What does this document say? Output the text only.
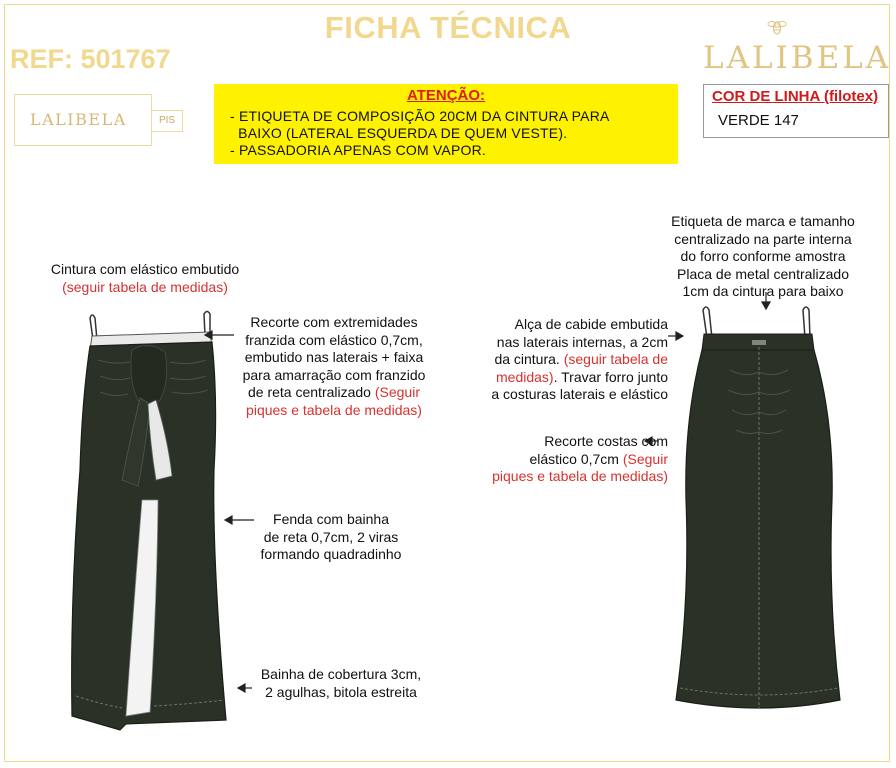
FICHA TÉCNICA
REF: 501767	LALIBELA
LALIBELA	PIS
ATENÇÃO:
- ETIQUETA DE COMPOSIÇÃO 20CM DA CINTURA PARA
BAIXO (LATERAL ESQUERDA DE QUEM VESTE).
- PASSADORIA APENAS COM VAPOR.
COR DE LINHA (filotex)
VERDE 147
Cintura com elástico embutido
(seguir tabela de medidas)
Recorte com extremidades
franzida com elástico 0,7cm,
embutido nas laterais + faixa
para amarração com franzido
de reta centralizado (Seguir
piques e tabela de medidas)
Fenda com bainha
de reta 0,7cm, 2 viras
formando quadradinho
Bainha de cobertura 3cm,
2 agulhas, bitola estreita
Etiqueta de marca e tamanho
centralizado na parte interna
do forro conforme amostra
Placa de metal centralizado
1cm da cintura para baixo
Alça de cabide embutida
nas laterais internas, a 2cm
da cintura. (seguir tabela de
medidas). Travar forro junto
a costuras laterais e elástico
Recorte costas com
elástico 0,7cm (Seguir
piques e tabela de medidas)
